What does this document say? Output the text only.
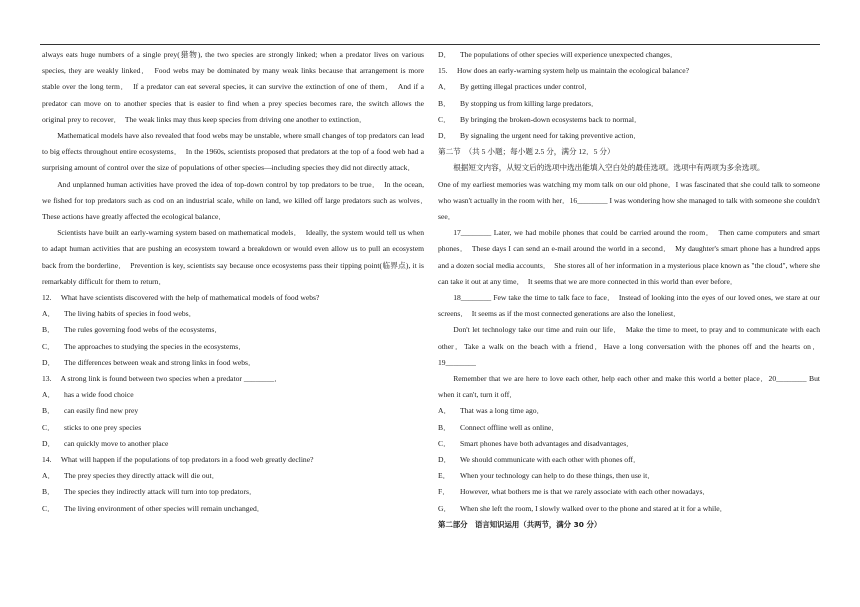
always eats huge numbers of a single prey(猎物), the two species are strongly linked; when a predator lives on various species, they are weakly linked．　Food webs may be dominated by many weak links because that arrangement is more stable over the long term．　If a predator can eat several species, it can survive the extinction of one of them．　And if a predator can move on to another species that is easier to find when a prey species becomes rare, the switch allows the original prey to recover．　The weak links may thus keep species from driving one another to extinction．

Mathematical models have also revealed that food webs may be unstable, where small changes of top predators can lead to big effects throughout entire ecosystems．　In the 1960s, scientists proposed that predators at the top of a food web had a surprising amount of control over the size of populations of other species—including species they did not directly attack．

And unplanned human activities have proved the idea of top-down control by top predators to be true．　In the ocean, we fished for top predators such as cod on an industrial scale, while on land, we killed off large predators such as wolves．　These actions have greatly affected the ecological balance．

Scientists have built an early-warning system based on mathematical models．　Ideally, the system would tell us when to adapt human activities that are pushing an ecosystem toward a breakdown or would even allow us to pull an ecosystem back from the borderline．　Prevention is key, scientists say because once ecosystems pass their tipping point(临界点), it is remarkably difficult for them to return．

12.　 What have scientists discovered with the help of mathematical models of food webs?

A． The living habits of species in food webs．
B． The rules governing food webs of the ecosystems．
C． The approaches to studying the species in the ecosystems．
D． The differences between weak and strong links in food webs．

13.　 A strong link is found between two species when a predator ________．

A． has a wide food choice
B． can easily find new prey
C． sticks to one prey species
D． can quickly move to another place

14.　 What will happen if the populations of top predators in a food web greatly decline?

A． The prey species they directly attack will die out．
B． The species they indirectly attack will turn into top predators．
C． The living environment of other species will remain unchanged．
D． The populations of other species will experience unexpected changes．

15.　 How does an early-warning system help us maintain the ecological balance?

A． By getting illegal practices under control．
B． By stopping us from killing large predators．
C． By bringing the broken-down ecosystems back to normal．
D． By signaling the urgent need for taking preventive action．

第二节　（共 5 小题；每小题 2.5 分，满分 12．5 分）

根据短文内容，从短文后的选项中选出能填入空白处的最佳选项。选项中有两项为多余选项。

One of my earliest memories was watching my mom talk on our old phone．I was fascinated that she could talk to someone who wasn't actually in the room with her．16________ I was wondering how she managed to talk with someone she couldn't see．

17________ Later, we had mobile phones that could be carried around the room．　Then came computers and smart phones．　These days I can send an e-mail around the world in a second．　My daughter's smart phone has a hundred apps and a dozen social media accounts．　She stores all of her information in a mysterious place known as "the cloud", where she can take it out at any time．　It seems that we are more connected in this world than ever before．

18________ Few take the time to talk face to face．　Instead of looking into the eyes of our loved ones, we stare at our screens．　It seems as if the most connected generations are also the loneliest．

Don't let technology take our time and ruin our life．　Make the time to meet, to pray and to communicate with each other．Take a walk on the beach with a friend．Have a long conversation with the phones off and the hearts on．19________

Remember that we are here to love each other, help each other and make this world a better place．20________ But when it can't, turn it off．

A． That was a long time ago．
B． Connect offline well as online．
C． Smart phones have both advantages and disadvantages．
D． We should communicate with each other with phones off．
E． When your technology can help to do these things, then use it．
F． However, what bothers me is that we rarely associate with each other nowadays．
G． When she left the room, I slowly walked over to the phone and stared at it for a while．

第二部分　语言知识运用（共两节，满分 30 分）
